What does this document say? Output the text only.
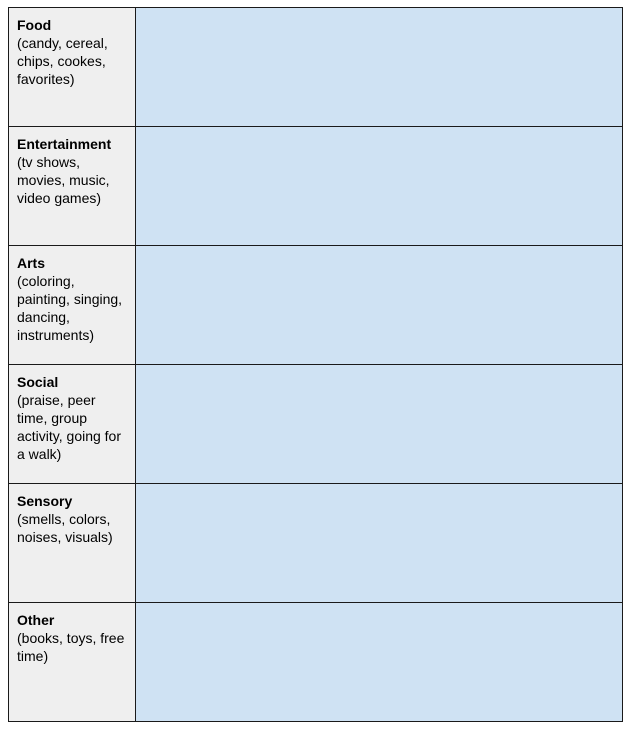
Food
(candy, cereal, chips, cookes, favorites)	

Entertainment
(tv shows, movies, music, video games)	

Arts
(coloring, painting, singing, dancing, instruments)	

Social
(praise, peer time, group activity, going for a walk)	

Sensory
(smells, colors, noises, visuals)	

Other
(books, toys, free time)	
